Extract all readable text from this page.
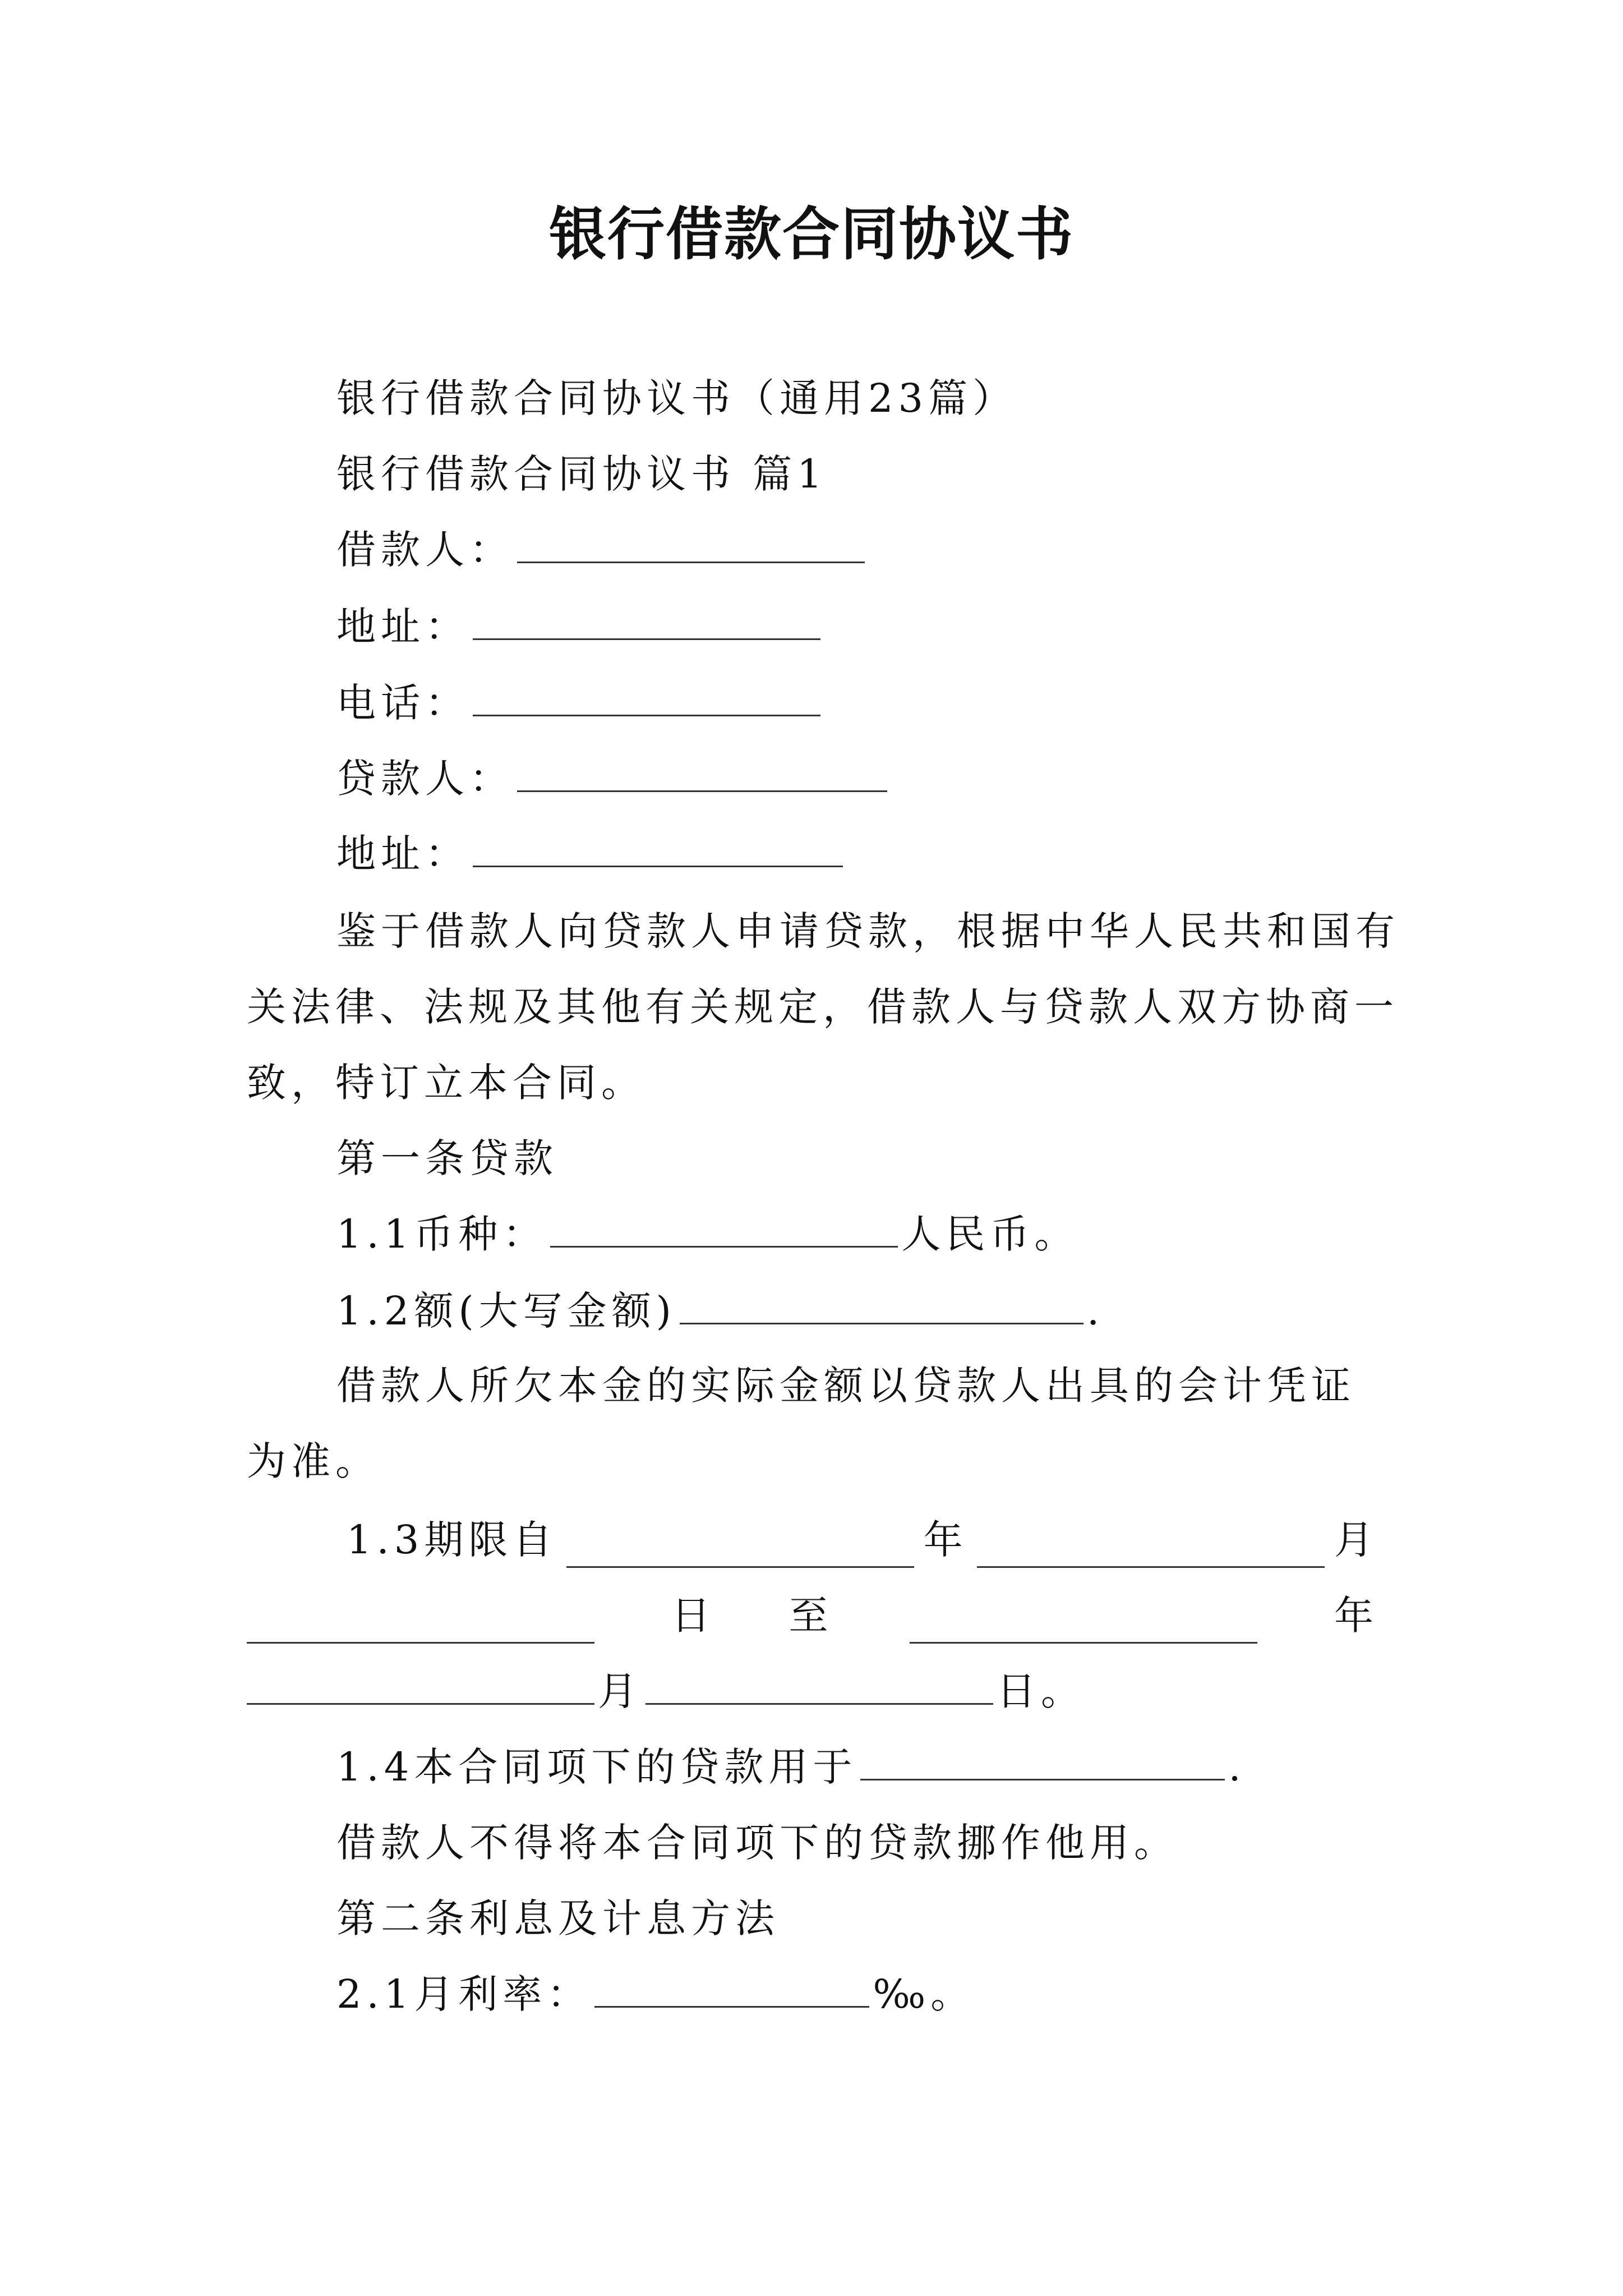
银行借款合同协议书
银行借款合同协议书（通用23篇）
银行借款合同协议书 篇1
借款人：
地址：
电话：
贷款人：
地址：
鉴于借款人向贷款人申请贷款，根据中华人民共和国有
关法律、法规及其他有关规定，借款人与贷款人双方协商一
致，特订立本合同。
第一条贷款
1.1币种：	人民币。
1.2额(大写金额)	.
借款人所欠本金的实际金额以贷款人出具的会计凭证
为准。
1.3期限自	年	月
日 至	年
月	日。
1.4本合同项下的贷款用于	.
借款人不得将本合同项下的贷款挪作他用。
第二条利息及计息方法
2.1月利率：	‰。
